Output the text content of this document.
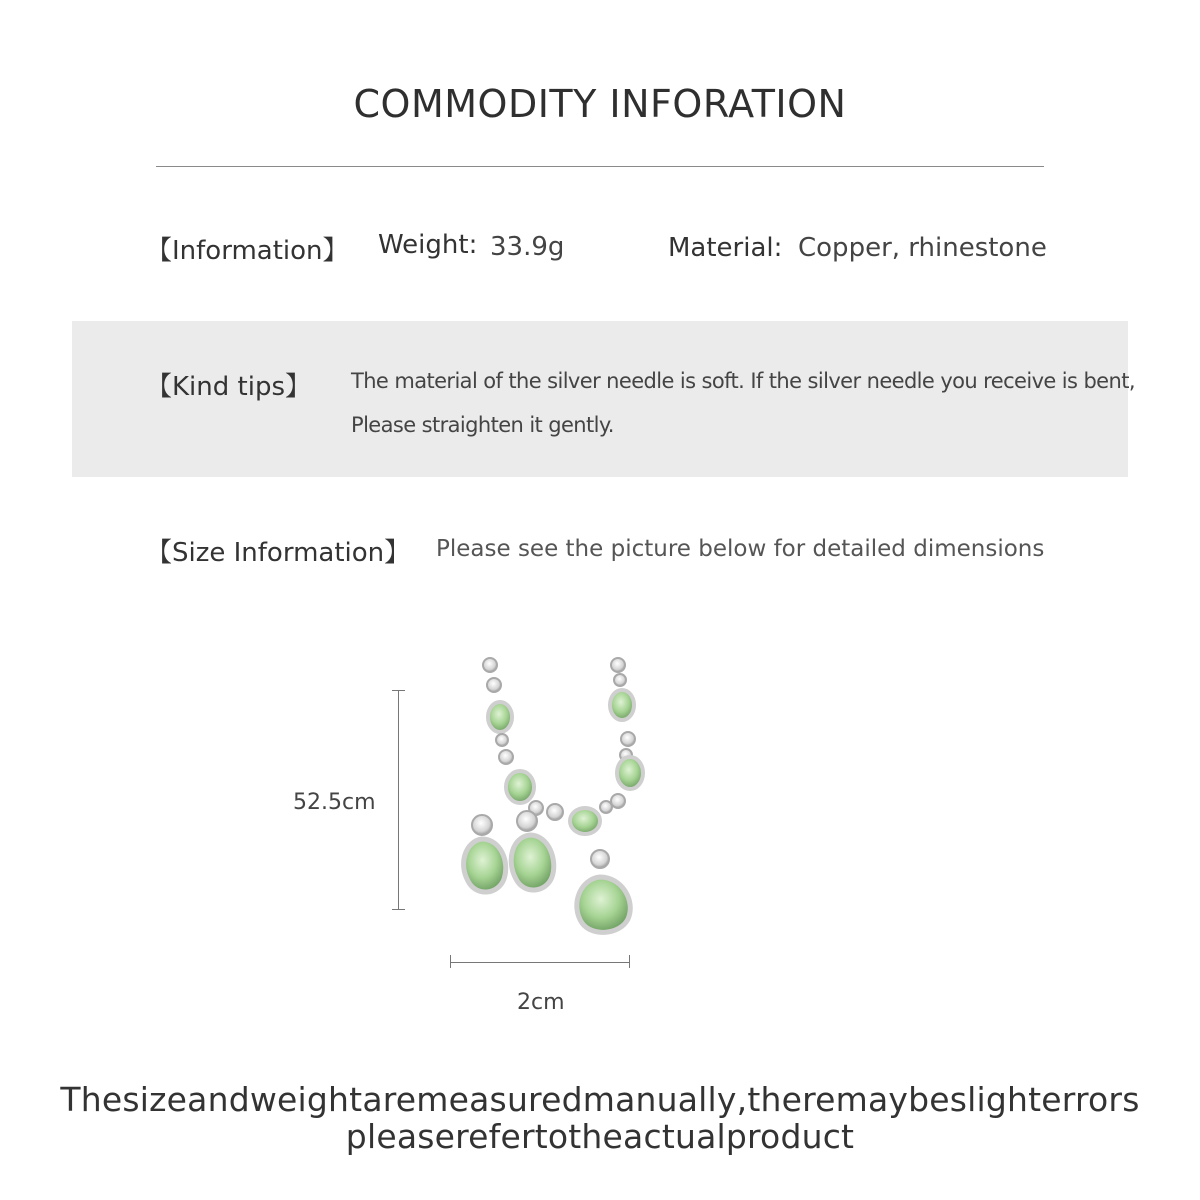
COMMODITY INFORATION
【Information】 Weight: 33.9g	Material: Copper, rhinestone
【Kind tips】 The material of the silver needle is soft. If the silver needle you receive is bent,
Please straighten it gently.
【Size Information】 Please see the picture below for detailed dimensions
52.5cm
2cm
Thesizeandweightaremeasuredmanually,theremaybeslighterrors
pleaserefertotheactualproduct
